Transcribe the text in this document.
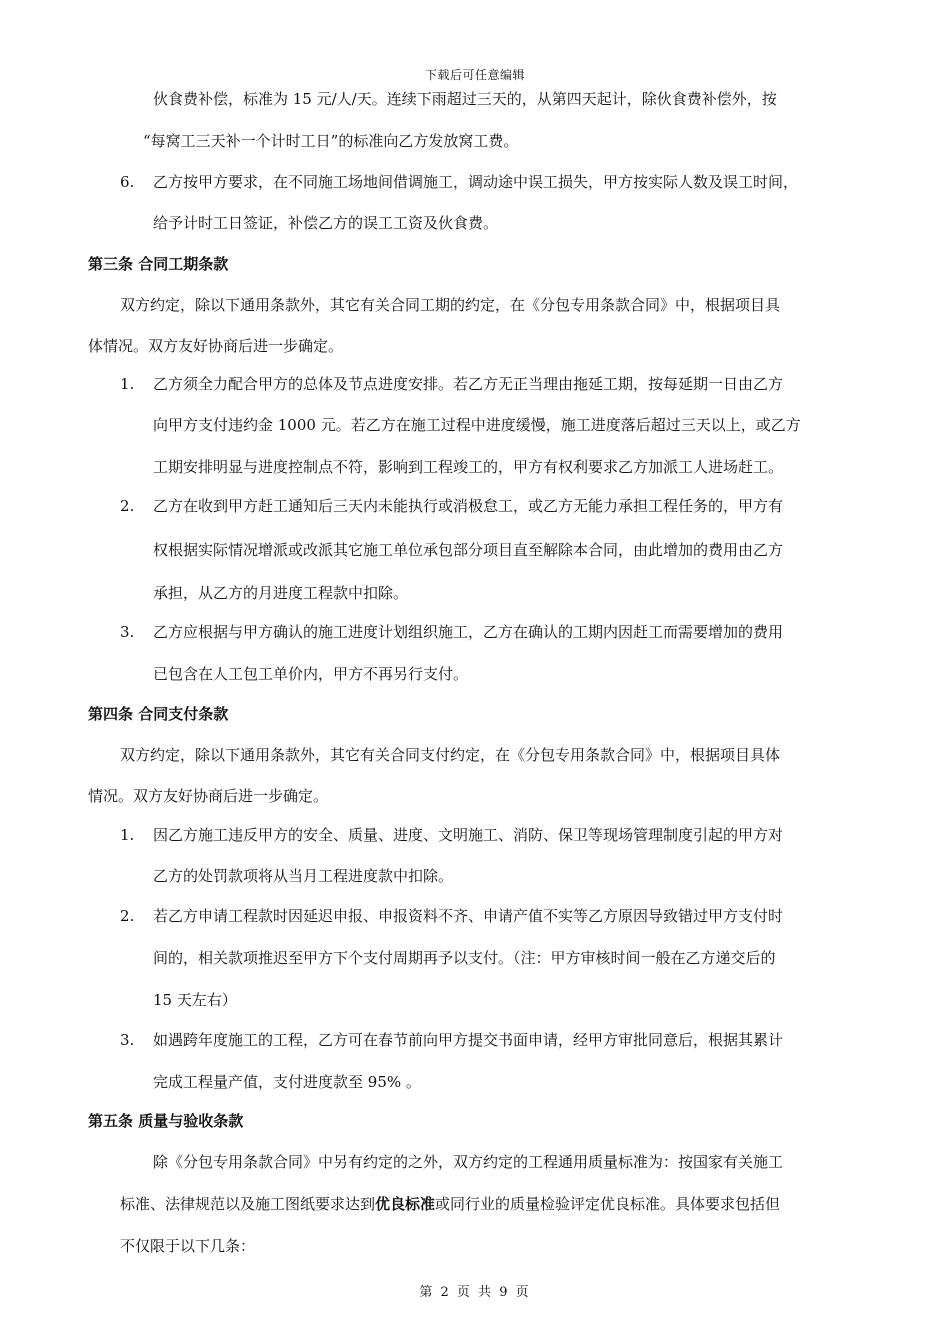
下载后可任意编辑
伙食费补偿，标准为 15 元/人/天。连续下雨超过三天的，从第四天起计，除伙食费补偿外，按
“每窝工三天补一个计时工日”的标准向乙方发放窝工费。
6. 乙方按甲方要求，在不同施工场地间借调施工，调动途中误工损失，甲方按实际人数及误工时间，
给予计时工日签证，补偿乙方的误工工资及伙食费。
第三条 合同工期条款
双方约定，除以下通用条款外，其它有关合同工期的约定，在《分包专用条款合同》中，根据项目具
体情况。双方友好协商后进一步确定。
1. 乙方须全力配合甲方的总体及节点进度安排。若乙方无正当理由拖延工期，按每延期一日由乙方
向甲方支付违约金 1000 元。若乙方在施工过程中进度缓慢，施工进度落后超过三天以上，或乙方
工期安排明显与进度控制点不符，影响到工程竣工的，甲方有权利要求乙方加派工人进场赶工。
2. 乙方在收到甲方赶工通知后三天内未能执行或消极怠工，或乙方无能力承担工程任务的，甲方有
权根据实际情况增派或改派其它施工单位承包部分项目直至解除本合同，由此增加的费用由乙方
承担，从乙方的月进度工程款中扣除。
3. 乙方应根据与甲方确认的施工进度计划组织施工，乙方在确认的工期内因赶工而需要增加的费用
已包含在人工包工单价内，甲方不再另行支付。
第四条 合同支付条款
双方约定，除以下通用条款外，其它有关合同支付约定，在《分包专用条款合同》中，根据项目具体
情况。双方友好协商后进一步确定。
1. 因乙方施工违反甲方的安全、质量、进度、文明施工、消防、保卫等现场管理制度引起的甲方对
乙方的处罚款项将从当月工程进度款中扣除。
2. 若乙方申请工程款时因延迟申报、申报资料不齐、申请产值不实等乙方原因导致错过甲方支付时
间的，相关款项推迟至甲方下个支付周期再予以支付。（注：甲方审核时间一般在乙方递交后的
15 天左右）
3. 如遇跨年度施工的工程，乙方可在春节前向甲方提交书面申请，经甲方审批同意后，根据其累计
完成工程量产值，支付进度款至 95% 。
第五条 质量与验收条款
除《分包专用条款合同》中另有约定的之外，双方约定的工程通用质量标准为：按国家有关施工
标准、法律规范以及施工图纸要求达到优良标准或同行业的质量检验评定优良标准。具体要求包括但
不仅限于以下几条：
第 2 页 共 9 页
